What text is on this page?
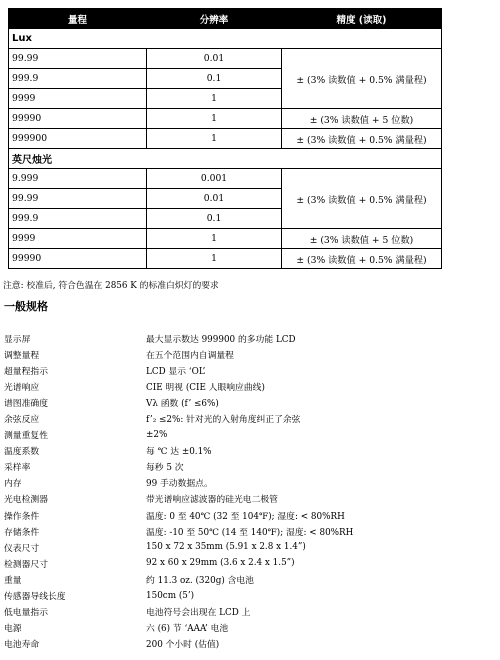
量程	分辨率	精度 (读取)
Lux		
99.99	0.01	± (3% 读数值 + 0.5% 满量程)
999.9	0.1	
9999	1	
99990	1	± (3% 读数值 + 5 位数)
999900	1	± (3% 读数值 + 0.5% 满量程)
英尺烛光		
9.999	0.001	± (3% 读数值 + 0.5% 满量程)
99.99	0.01	
999.9	0.1	
9999	1	± (3% 读数值 + 5 位数)
99990	1	± (3% 读数值 + 0.5% 满量程)
注意: 校准后, 符合色温在 2856 K 的标准白炽灯的要求
一般规格
显示屏	最大显示数达 999900 的多功能 LCD
调整量程	在五个范围内自调量程
超量程指示	LCD 显示 ‘OL’
光谱响应	CIE 明视 (CIE 人眼响应曲线)
谱图准确度	Vλ 函数 (f’ ≤6%)
余弦反应	f’₂ ≤2%: 针对光的入射角度纠正了余弦
测量重复性	±2%
温度系数	每 ℃ 达 ±0.1%
采样率	每秒 5 次
内存	99 手动数据点。
光电检测器	带光谱响应滤波器的硅光电二极管
操作条件	温度: 0 至 40℃ (32 至 104℉); 湿度: < 80%RH
存储条件	温度: -10 至 50℃ (14 至 140℉); 湿度: < 80%RH
仪表尺寸	150 x 72 x 35mm (5.91 x 2.8 x 1.4”)
检测器尺寸	92 x 60 x 29mm (3.6 x 2.4 x 1.5”)
重量	约 11.3 oz. (320g) 含电池
传感器导线长度	150cm (5’)
低电量指示	电池符号会出现在 LCD 上
电源	六 (6) 节 ‘AAA’ 电池
电池寿命	200 个小时 (估值)
